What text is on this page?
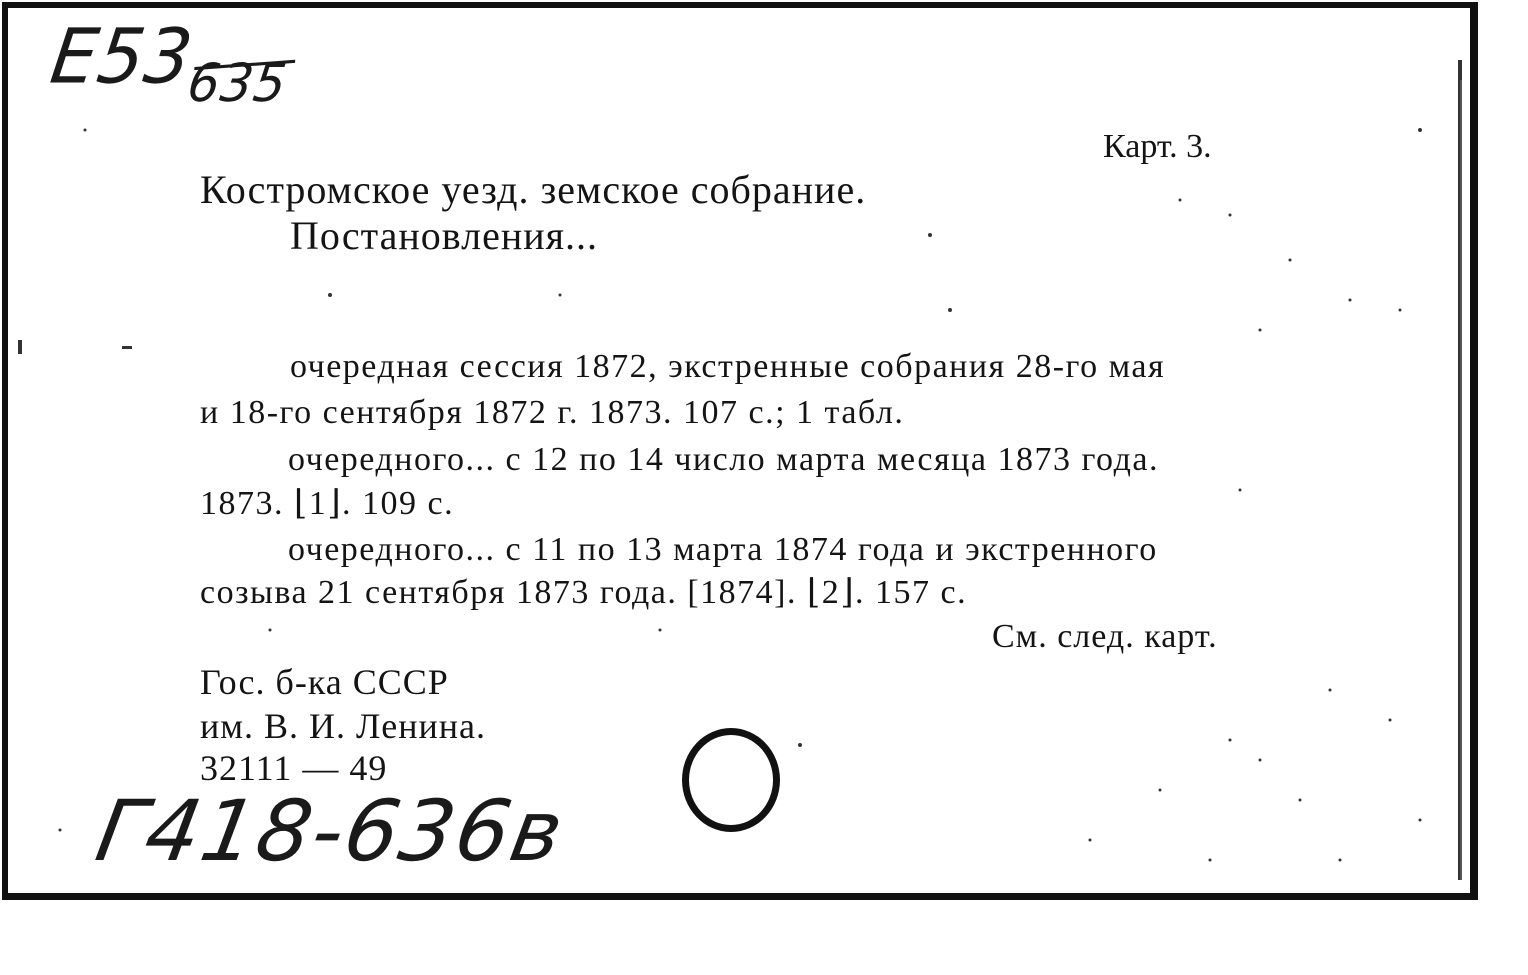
E53635
Карт. 3.
Костромское уезд. земское собрание.
Постановления...
очередная сессия 1872, экстренные собрания 28-го мая
и 18-го сентября 1872 г. 1873. 107 с.; 1 табл.
очередного... с 12 по 14 число марта месяца 1873 года.
1873. ⌊1⌋. 109 с.
очередного... с 11 по 13 марта 1874 года и экстренного
созыва 21 сентября 1873 года. [1874]. ⌊2⌋. 157 с.
См. след. карт.
Гос. б-ка СССР
им. В. И. Ленина.
32111 — 49
Г418-636в
